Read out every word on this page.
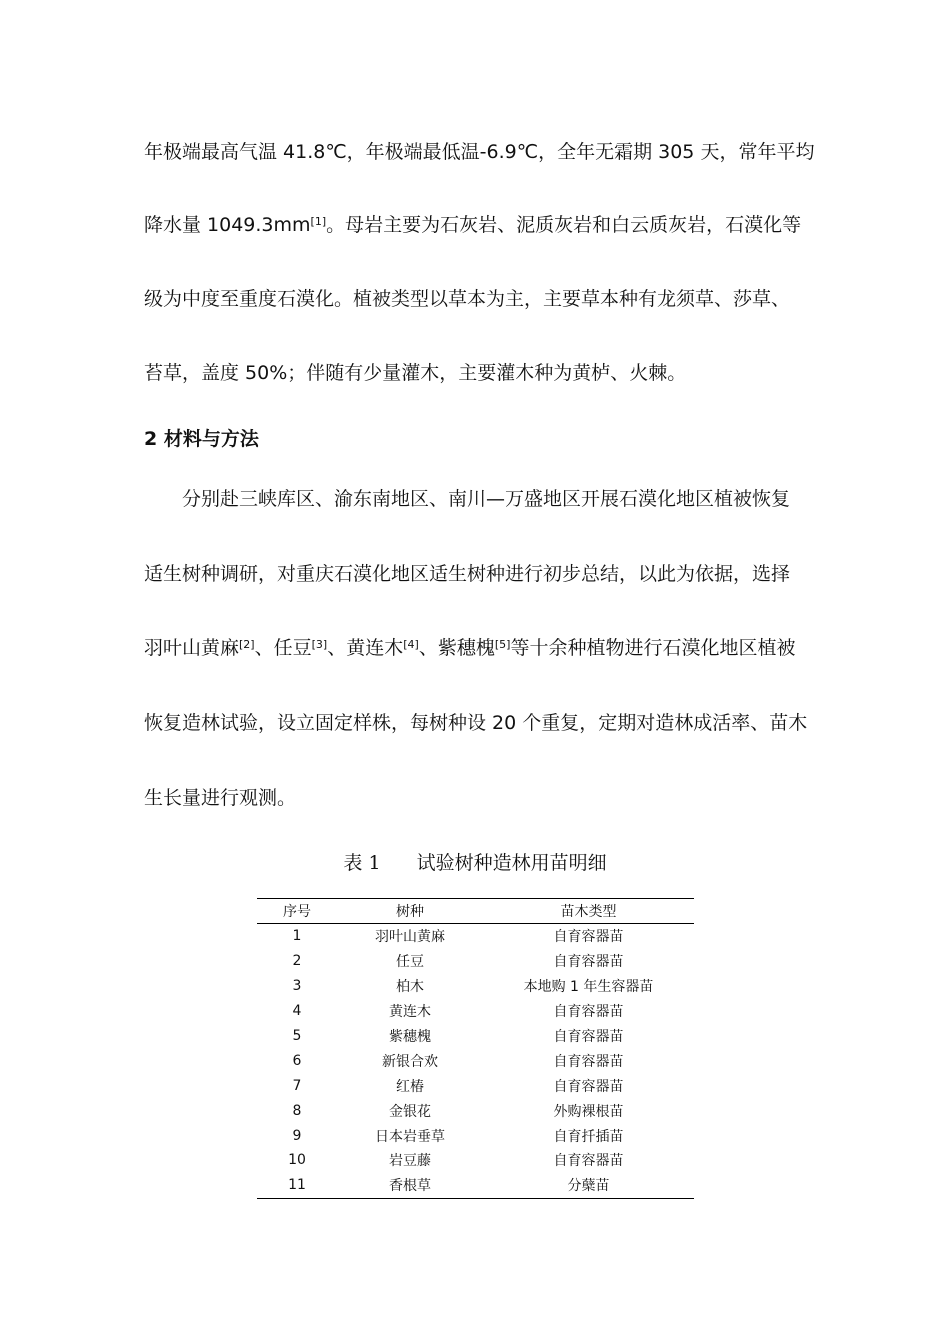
年极端最高气温 41.8℃，年极端最低温-6.9℃，全年无霜期 305 天，常年平均
降水量 1049.3mm[1]。母岩主要为石灰岩、泥质灰岩和白云质灰岩，石漠化等
级为中度至重度石漠化。植被类型以草本为主，主要草本种有龙须草、莎草、
苔草，盖度 50%；伴随有少量灌木，主要灌木种为黄栌、火棘。
2 材料与方法
分别赴三峡库区、渝东南地区、南川—万盛地区开展石漠化地区植被恢复
适生树种调研，对重庆石漠化地区适生树种进行初步总结，以此为依据，选择
羽叶山黄麻[2]、任豆[3]、黄连木[4]、紫穗槐[5]等十余种植物进行石漠化地区植被
恢复造林试验，设立固定样株，每树种设 20 个重复，定期对造林成活率、苗木
生长量进行观测。
表 1 试验树种造林用苗明细
序号	树种	苗木类型
1	羽叶山黄麻	自育容器苗
2	任豆	自育容器苗
3	柏木	本地购 1 年生容器苗
4	黄连木	自育容器苗
5	紫穗槐	自育容器苗
6	新银合欢	自育容器苗
7	红椿	自育容器苗
8	金银花	外购裸根苗
9	日本岩垂草	自育扦插苗
10	岩豆藤	自育容器苗
11	香根草	分蘖苗
